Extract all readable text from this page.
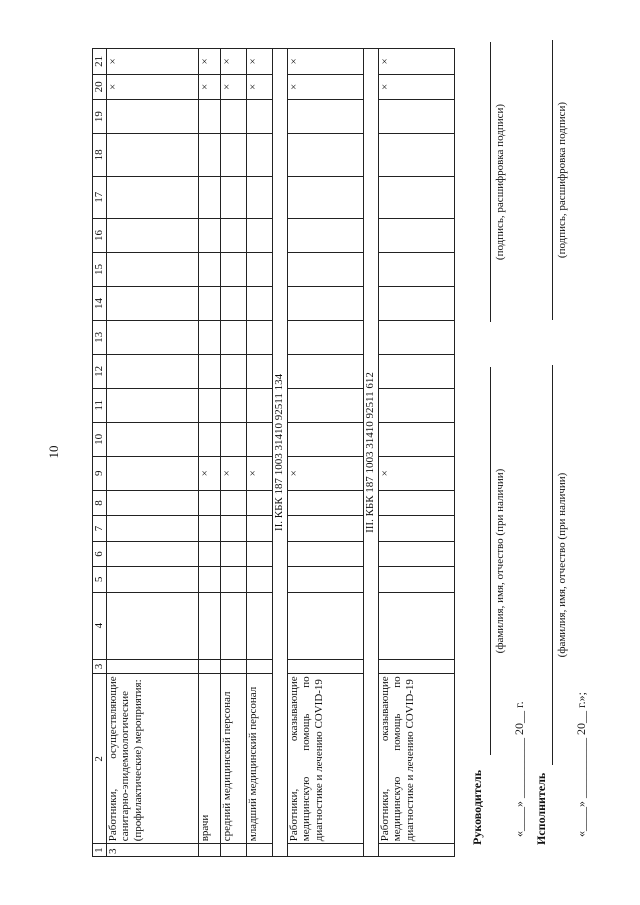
10
1	2	3	4	5	6	7	8	9	10	11	12	13	14	15	16	17	18	19	20	21
3	Работники, осуществляющие санитарно-эпидемиологические (профилактические) мероприятия:																		×	×
	врачи							×											×	×
	средний медицинский персонал							×											×	×
	младший медицинский персонал							×											×	×
II. КБК 187 1003 31410 92511 134																				
	Работники, оказывающие медицинскую помощь по диагностике и лечению COVID-19							×											×	×
III. КБК 187 1003 31410 92511 612																				
	Работники, оказывающие медицинскую помощь по диагностике и лечению COVID-19							×											×	×
Руководитель
(фамилия, имя, отчество (при наличии)
(подпись, расшифровка подписи)
«____» __________ 20__ г. Исполнитель
(фамилия, имя, отчество (при наличии)
(подпись, расшифровка подписи)
«____» __________ 20__ г.»;
